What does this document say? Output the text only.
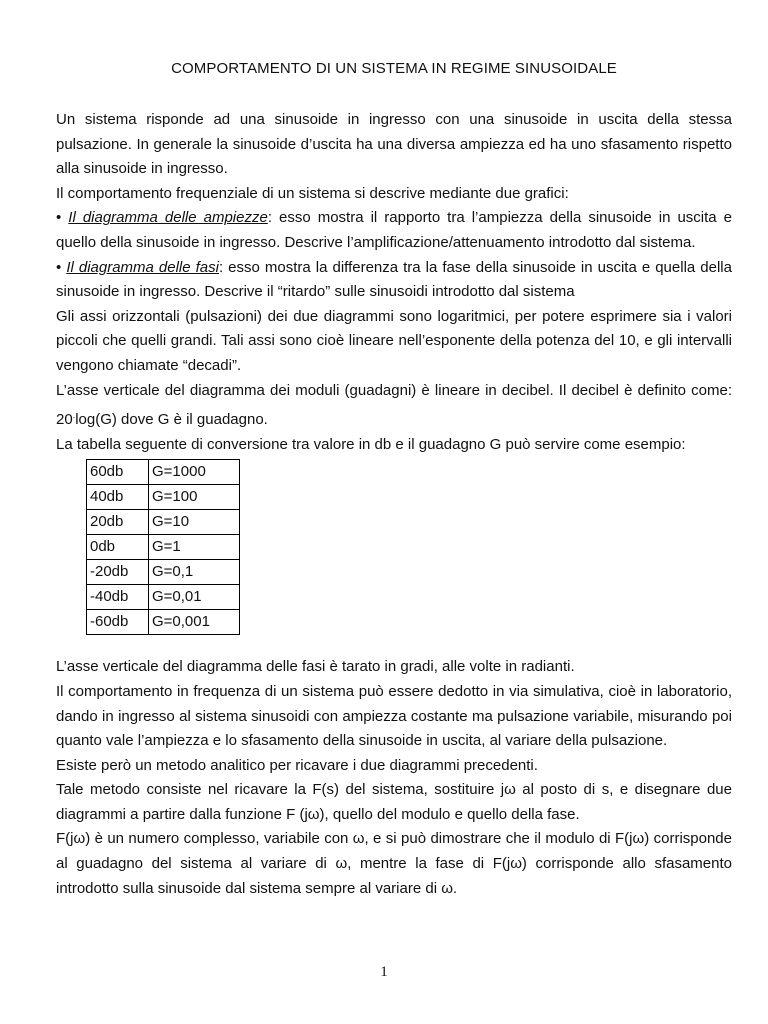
COMPORTAMENTO DI UN SISTEMA IN REGIME SINUSOIDALE

Un sistema risponde ad una sinusoide in ingresso con una sinusoide in uscita della stessa pulsazione. In generale la sinusoide d’uscita ha una diversa ampiezza ed ha uno sfasamento rispetto alla sinusoide in ingresso.

Il comportamento frequenziale di un sistema si descrive mediante due grafici:

• Il diagramma delle ampiezze: esso mostra il rapporto tra l’ampiezza della sinusoide in uscita e quello della sinusoide in ingresso. Descrive l’amplificazione/attenuamento introdotto dal sistema.

• Il diagramma delle fasi: esso mostra la differenza tra la fase della sinusoide in uscita e quella della sinusoide in ingresso. Descrive il “ritardo” sulle sinusoidi introdotto dal sistema

Gli assi orizzontali (pulsazioni) dei due diagrammi sono logaritmici, per potere esprimere sia i valori piccoli che quelli grandi. Tali assi sono cioè lineare nell’esponente della potenza del 10, e gli intervalli vengono chiamate “decadi”.

L’asse verticale del diagramma dei moduli (guadagni) è lineare in decibel. Il decibel è definito come: 20.log(G) dove G è il guadagno.

La tabella seguente di conversione tra valore in db e il guadagno G può servire come esempio:

60db	G=1000
40db	G=100
20db	G=10
0db	G=1
-20db	G=0,1
-40db	G=0,01
-60db	G=0,001

L’asse verticale del diagramma delle fasi è tarato in gradi, alle volte in radianti.

Il comportamento in frequenza di un sistema può essere dedotto in via simulativa, cioè in laboratorio, dando in ingresso al sistema sinusoidi con ampiezza costante ma pulsazione variabile, misurando poi quanto vale l’ampiezza e lo sfasamento della sinusoide in uscita, al variare della pulsazione.

Esiste però un metodo analitico per ricavare i due diagrammi precedenti.

Tale metodo consiste nel ricavare la F(s) del sistema, sostituire jω al posto di s, e disegnare due diagrammi a partire dalla funzione F (jω), quello del modulo e quello della fase.

F(jω) è un numero complesso, variabile con ω, e si può dimostrare che il modulo di F(jω) corrisponde al guadagno del sistema al variare di ω, mentre la fase di F(jω) corrisponde allo sfasamento introdotto sulla sinusoide dal sistema sempre al variare di ω.

1
